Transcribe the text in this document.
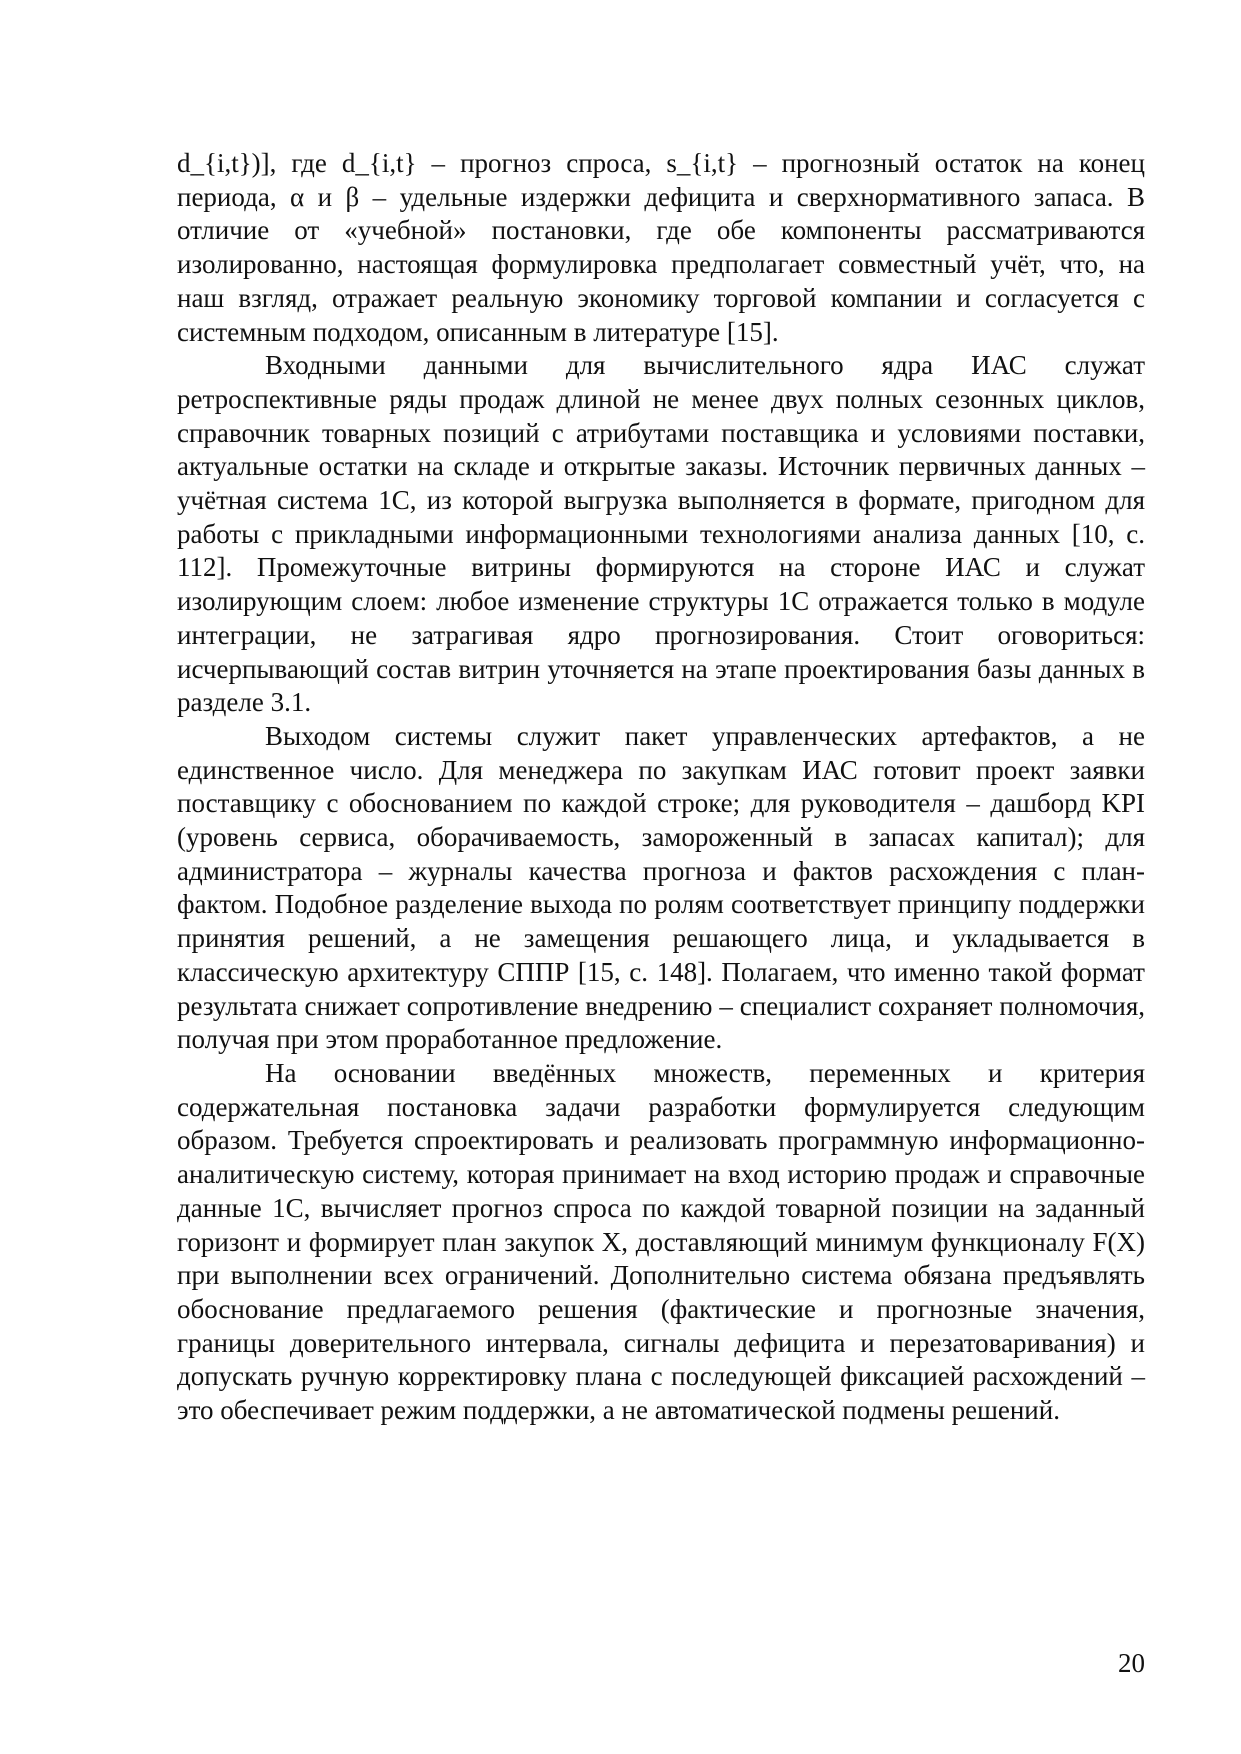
d_{i,t})], где d_{i,t} – прогноз спроса, s_{i,t} – прогнозный остаток на конец периода, α и β – удельные издержки дефицита и сверхнормативного запаса. В отличие от «учебной» постановки, где обе компоненты рассматриваются изолированно, настоящая формулировка предполагает совместный учёт, что, на наш взгляд, отражает реальную экономику торговой компании и согласуется с системным подходом, описанным в литературе [15].

Входными данными для вычислительного ядра ИАС служат ретроспективные ряды продаж длиной не менее двух полных сезонных циклов, справочник товарных позиций с атрибутами поставщика и условиями поставки, актуальные остатки на складе и открытые заказы. Источник первичных данных – учётная система 1С, из которой выгрузка выполняется в формате, пригодном для работы с прикладными информационными технологиями анализа данных [10, с. 112]. Промежуточные витрины формируются на стороне ИАС и служат изолирующим слоем: любое изменение структуры 1С отражается только в модуле интеграции, не затрагивая ядро прогнозирования. Стоит оговориться: исчерпывающий состав витрин уточняется на этапе проектирования базы данных в разделе 3.1.

Выходом системы служит пакет управленческих артефактов, а не единственное число. Для менеджера по закупкам ИАС готовит проект заявки поставщику с обоснованием по каждой строке; для руководителя – дашборд KPI (уровень сервиса, оборачиваемость, замороженный в запасах капитал); для администратора – журналы качества прогноза и фактов расхождения с план-фактом. Подобное разделение выхода по ролям соответствует принципу поддержки принятия решений, а не замещения решающего лица, и укладывается в классическую архитектуру СППР [15, с. 148]. Полагаем, что именно такой формат результата снижает сопротивление внедрению – специалист сохраняет полномочия, получая при этом проработанное предложение.

На основании введённых множеств, переменных и критерия содержательная постановка задачи разработки формулируется следующим образом. Требуется спроектировать и реализовать программную информационно-аналитическую систему, которая принимает на вход историю продаж и справочные данные 1С, вычисляет прогноз спроса по каждой товарной позиции на заданный горизонт и формирует план закупок X, доставляющий минимум функционалу F(X) при выполнении всех ограничений. Дополнительно система обязана предъявлять обоснование предлагаемого решения (фактические и прогнозные значения, границы доверительного интервала, сигналы дефицита и перезатоваривания) и допускать ручную корректировку плана с последующей фиксацией расхождений – это обеспечивает режим поддержки, а не автоматической подмены решений.

20
